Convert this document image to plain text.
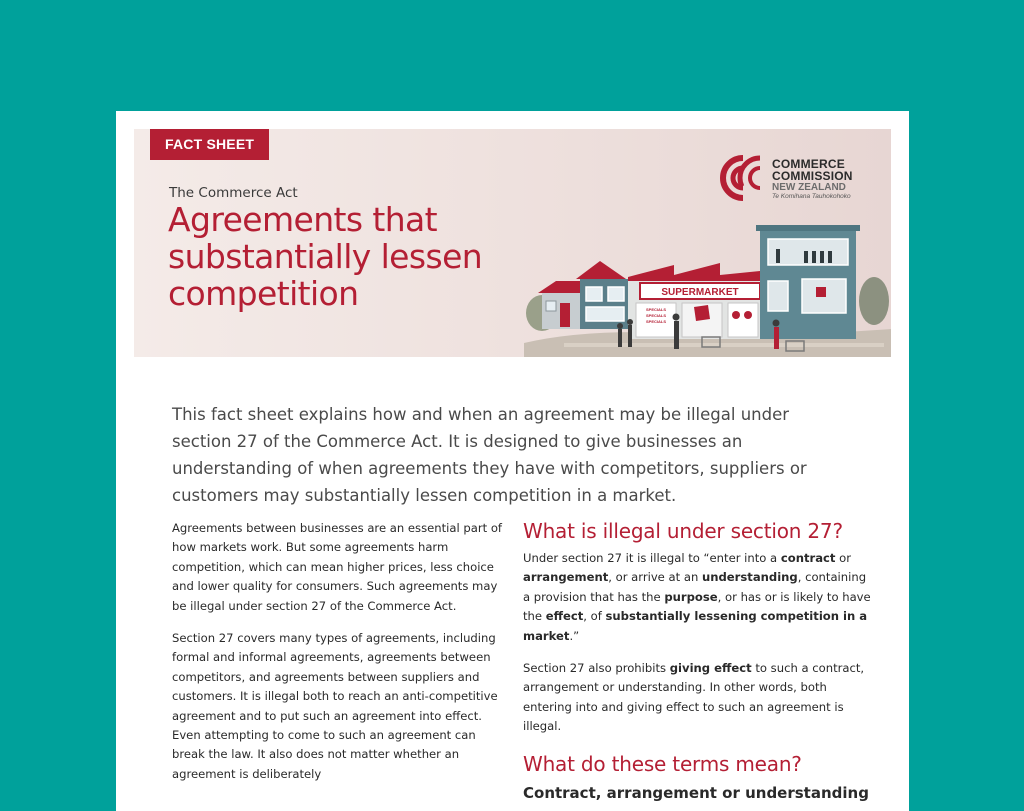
FACT SHEET
The Commerce Act
Agreements that substantially lessen competition
COMMERCE
COMMISSION
NEW ZEALAND
Te Komihana Tauhokohoko
SUPERMARKET
SPECIALS
SPECIALS
SPECIALS

This fact sheet explains how and when an agreement may be illegal under section 27 of the Commerce Act. It is designed to give businesses an understanding of when agreements they have with competitors, suppliers or customers may substantially lessen competition in a market.

Agreements between businesses are an essential part of how markets work. But some agreements harm competition, which can mean higher prices, less choice and lower quality for consumers. Such agreements may be illegal under section 27 of the Commerce Act.

Section 27 covers many types of agreements, including formal and informal agreements, agreements between competitors, and agreements between suppliers and customers. It is illegal both to reach an anti-competitive agreement and to put such an agreement into effect. Even attempting to come to such an agreement can break the law. It also does not matter whether an agreement is deliberately

What is illegal under section 27?

Under section 27 it is illegal to “enter into a contract or arrangement, or arrive at an understanding, containing a provision that has the purpose, or has or is likely to have the effect, of substantially lessening competition in a market.”

Section 27 also prohibits giving effect to such a contract, arrangement or understanding. In other words, both entering into and giving effect to such an agreement is illegal.

What do these terms mean?
Contract, arrangement or understanding
